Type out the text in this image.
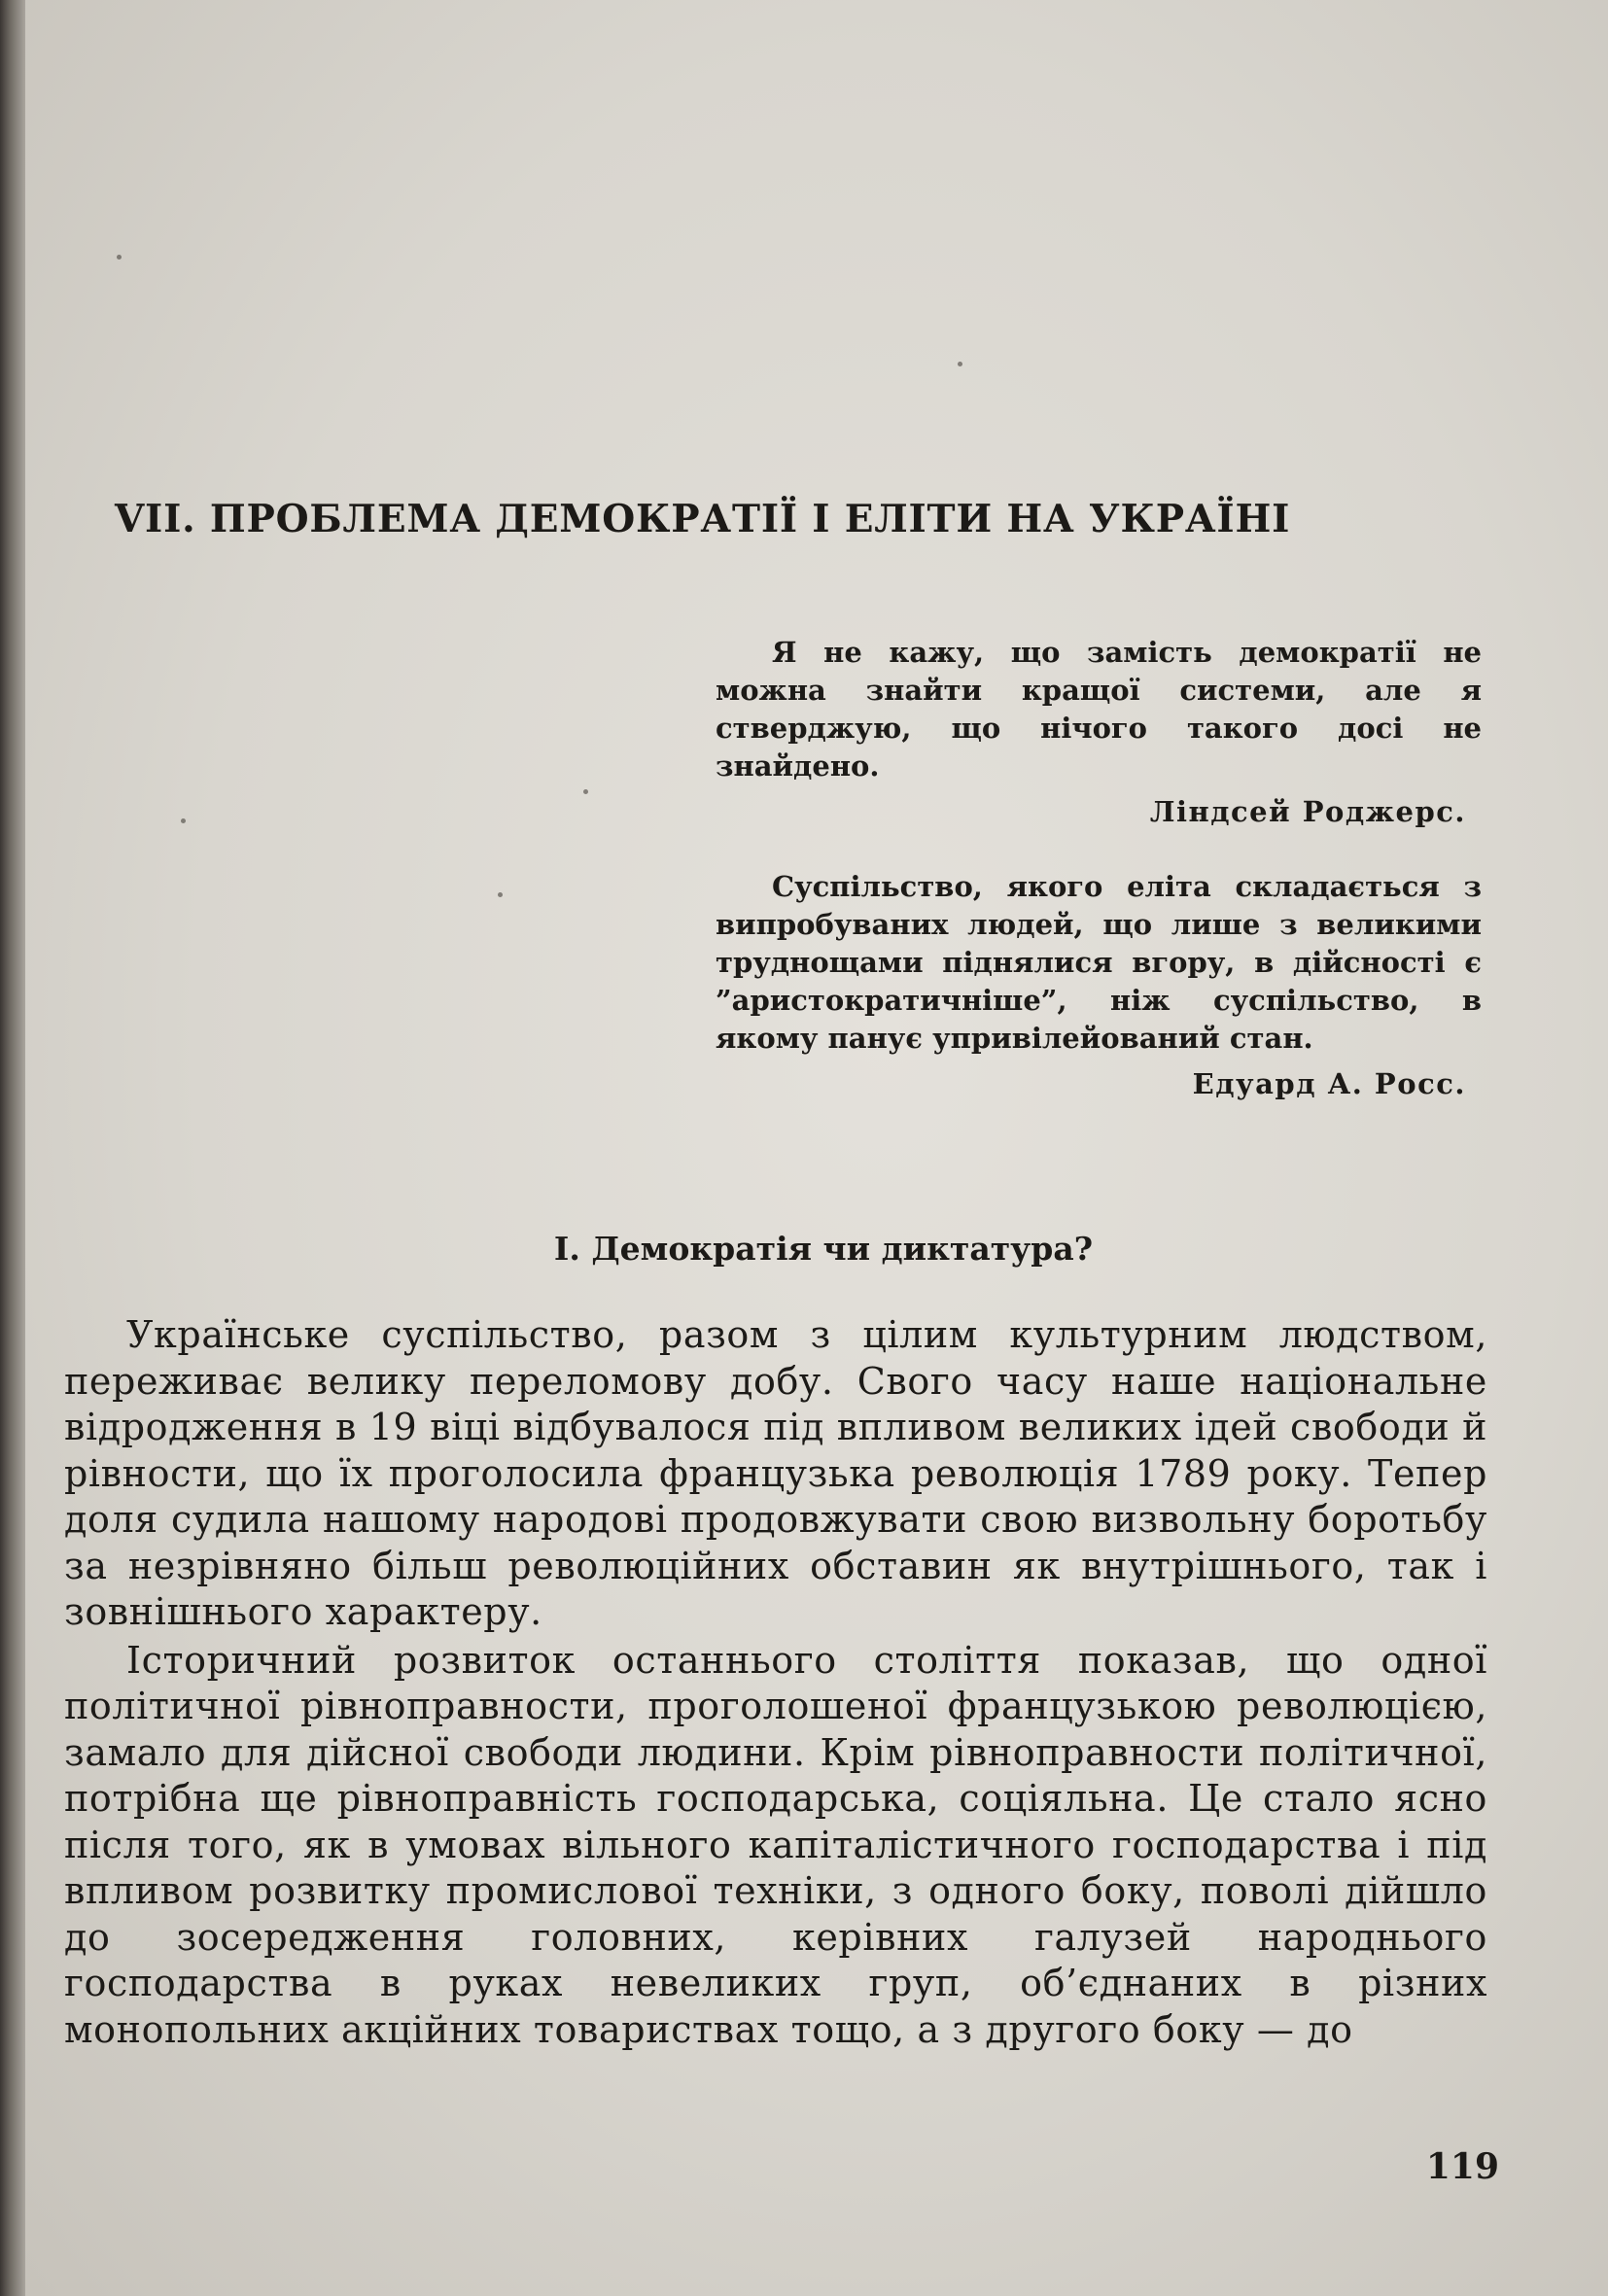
VII. ПРОБЛЕМА ДЕМОКРАТІЇ І ЕЛІТИ НА УКРАЇНІ

Я не кажу, що замість демократії не можна знайти кращої системи, але я стверджую, що нічого такого досі не знайдено.

Ліндсей Роджерс.

Суспільство, якого еліта складається з випробуваних людей, що лише з великими труднощами піднялися вгору, в дійсності є ”аристократичніше”, ніж суспільство, в якому панує упривілейований стан.

Едуард А. Росс.
І. Демократія чи диктатура?

Українське суспільство, разом з цілим культурним людством, переживає велику переломову добу. Свого часу наше національне відродження в 19 віці відбувалося під впливом великих ідей свободи й рівности, що їх проголосила французька революція 1789 року. Тепер доля судила нашому народові продовжувати свою визвольну боротьбу за незрівняно більш революційних обставин як внутрішнього, так і зовнішнього характеру.

Історичний розвиток останнього століття показав, що одної політичної рівноправности, проголошеної французькою революцією, замало для дійсної свободи людини. Крім рівноправности політичної, потрібна ще рівноправність господарська, соціяльна. Це стало ясно після того, як в умовах вільного капіталістичного господарства і під впливом розвитку промислової техніки, з одного боку, поволі дійшло до зосередження головних, керівних галузей народнього господарства в руках невеликих груп, об’єднаних в різних монопольних акційних товариствах тощо, а з другого боку — до

119
